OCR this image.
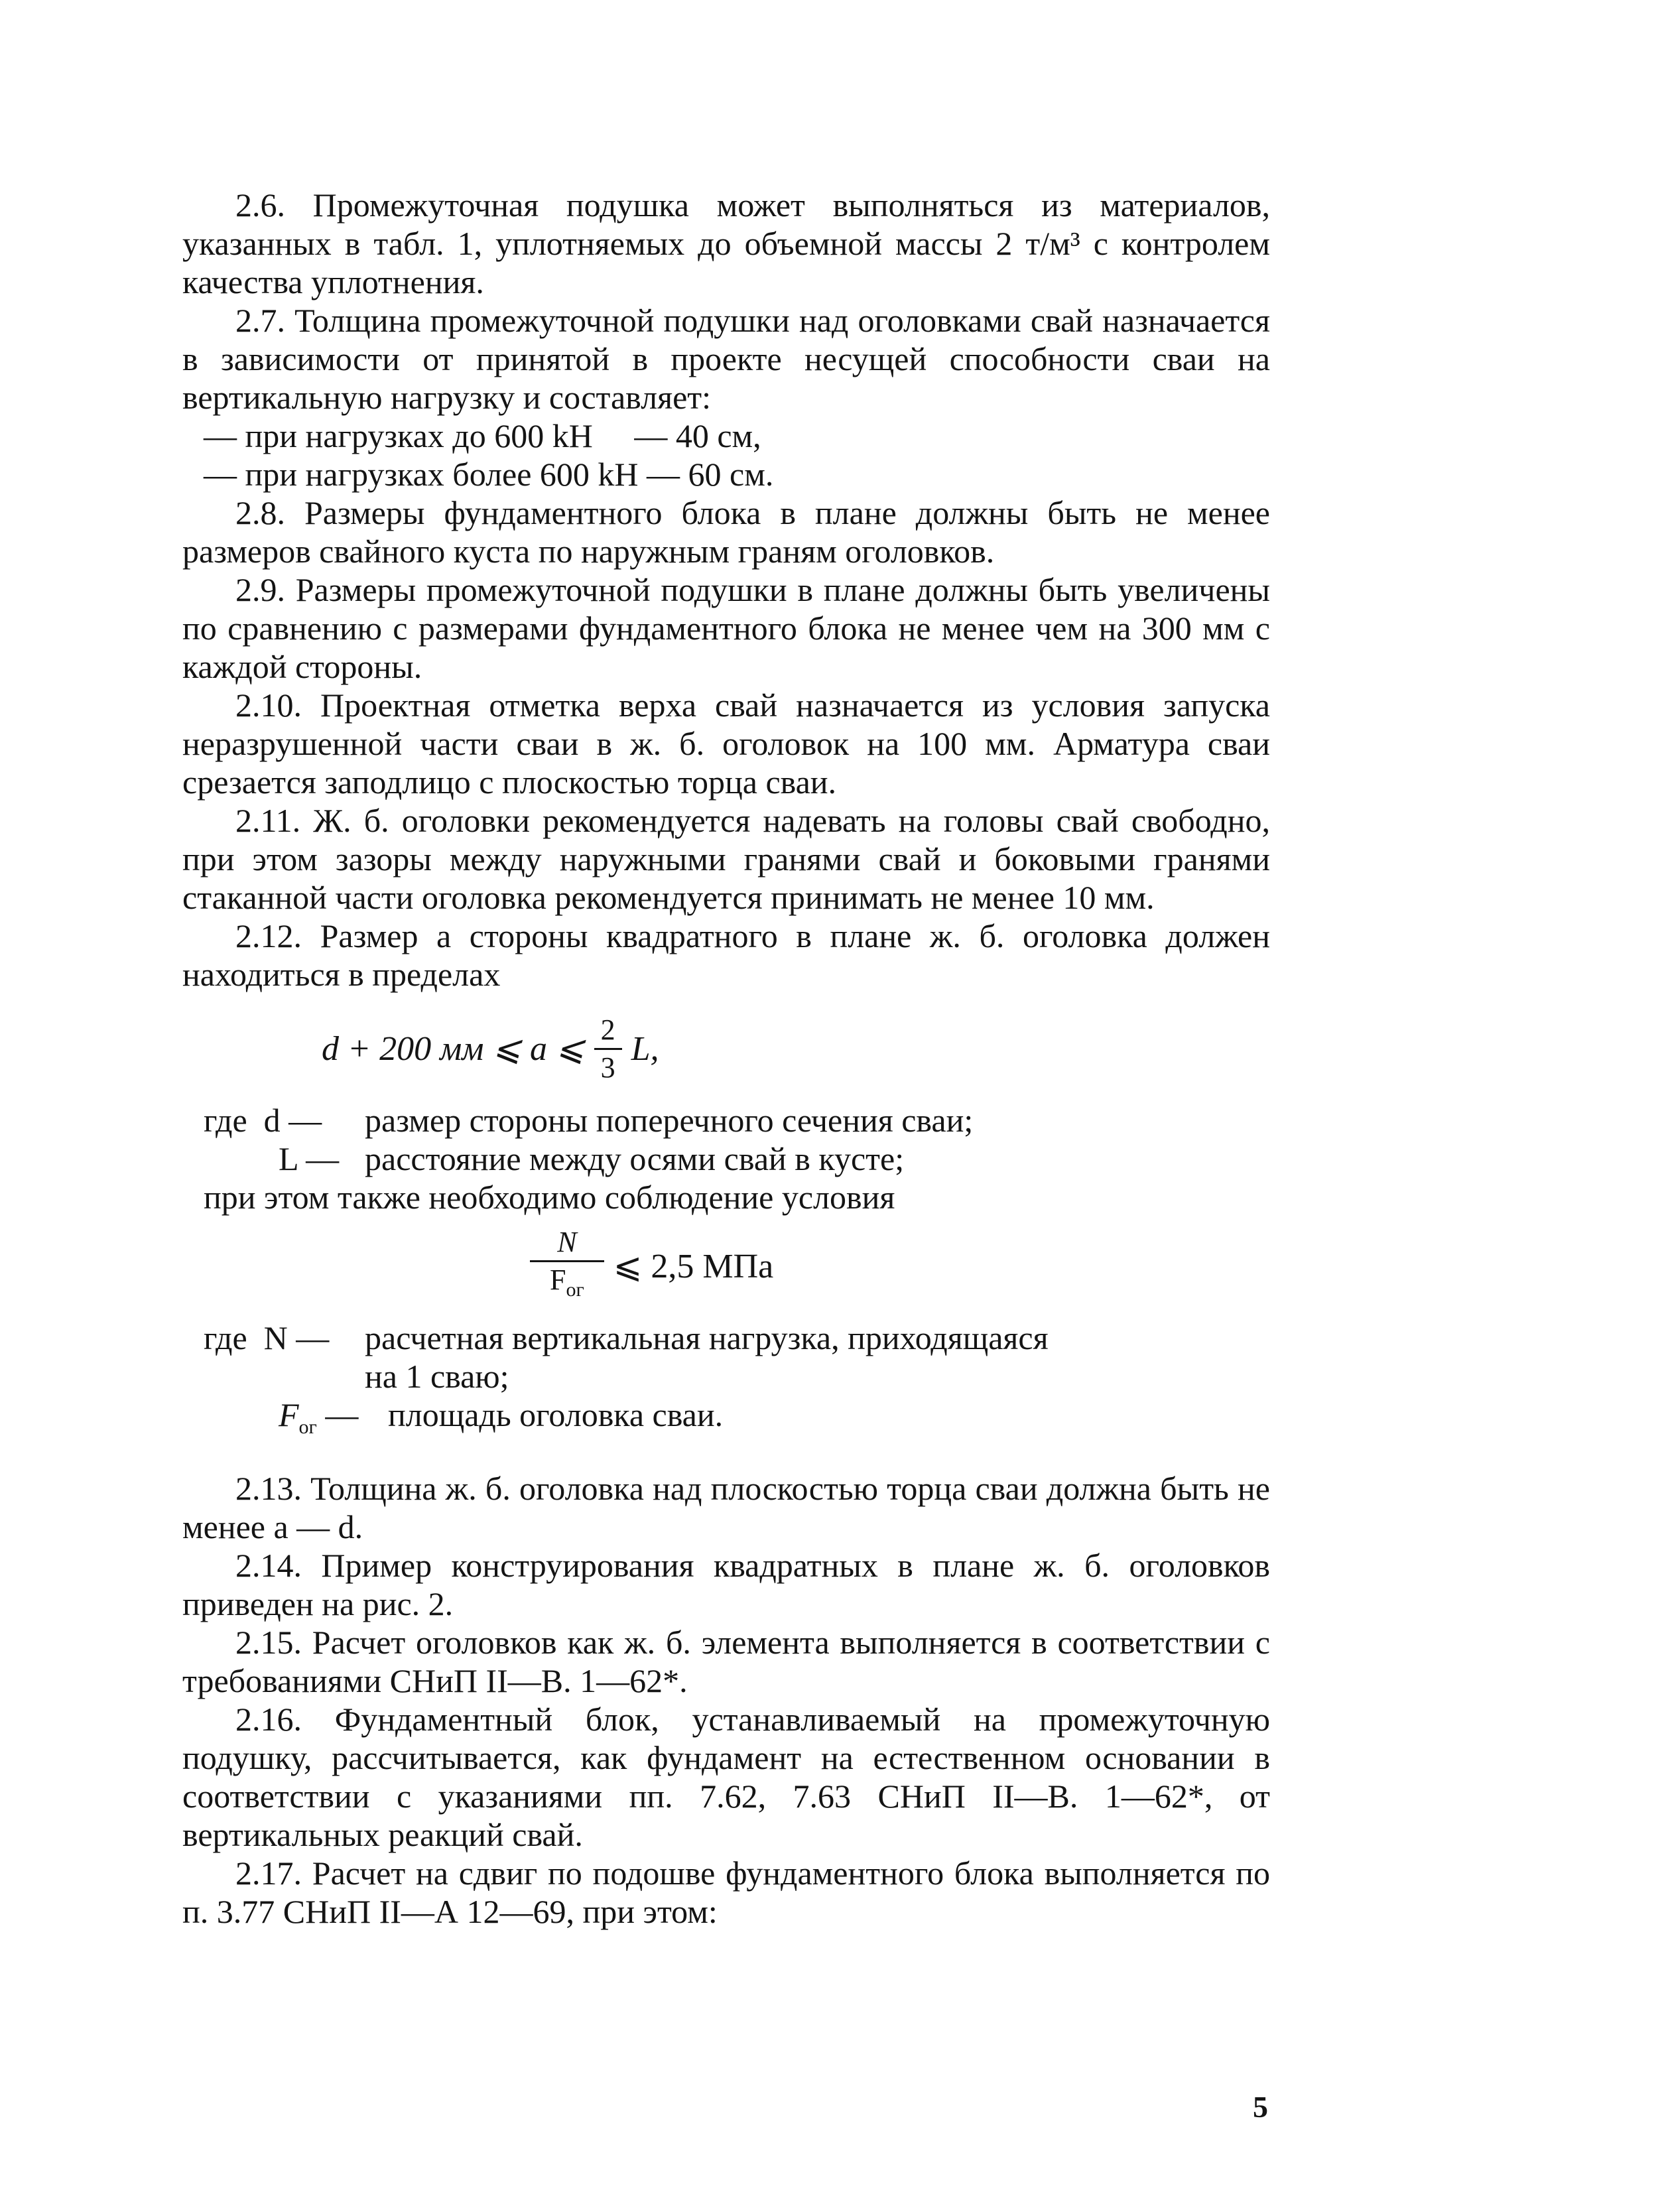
2.6. Промежуточная подушка может выполняться из материалов, указанных в табл. 1, уплотняемых до объемной массы 2 т/м³ с контролем качества уплотнения.

2.7. Толщина промежуточной подушки над оголовками свай назначается в зависимости от принятой в проекте несущей способности сваи на вертикальную нагрузку и составляет:

— при нагрузках до 600 kH     — 40 см,
— при нагрузках более 600 kH — 60 см.

2.8. Размеры фундаментного блока в плане должны быть не менее размеров свайного куста по наружным граням оголовков.

2.9. Размеры промежуточной подушки в плане должны быть увеличены по сравнению с размерами фундаментного блока не менее чем на 300 мм с каждой стороны.

2.10. Проектная отметка верха свай назначается из условия запуска неразрушенной части сваи в ж. б. оголовок на 100 мм. Арматура сваи срезается заподлицо с плоскостью торца сваи.

2.11. Ж. б. оголовки рекомендуется надевать на головы свай свободно, при этом зазоры между наружными гранями свай и боковыми гранями стаканной части оголовка рекомендуется принимать не менее 10 мм.

2.12. Размер a стороны квадратного в плане ж. б. оголовка должен находиться в пределах

d + 200 мм ⩽ a ⩽ $\frac{2}{3} L$,
где  d —	размер стороны поперечного сечения сваи;
L — расстояние между осями свай в кусте;
при этом также необходимо соблюдение условия
$\frac{N}{F_{ог}}$ ⩽ 2,5 МПа
где  N —	расчетная вертикальная нагрузка, приходящаяся
на 1 сваю;
$F_{ог}$ — площадь оголовка сваи.

2.13. Толщина ж. б. оголовка над плоскостью торца сваи должна быть не менее a — d.

2.14. Пример конструирования квадратных в плане ж. б. оголовков приведен на рис. 2.

2.15. Расчет оголовков как ж. б. элемента выполняется в соответствии с требованиями СНиП II—В. 1—62*.

2.16. Фундаментный блок, устанавливаемый на промежуточную подушку, рассчитывается, как фундамент на естественном основании в соответствии с указаниями пп. 7.62, 7.63 СНиП II—В. 1—62*, от вертикальных реакций свай.

2.17. Расчет на сдвиг по подошве фундаментного блока выполняется по п. 3.77 СНиП II—А 12—69, при этом:

5
